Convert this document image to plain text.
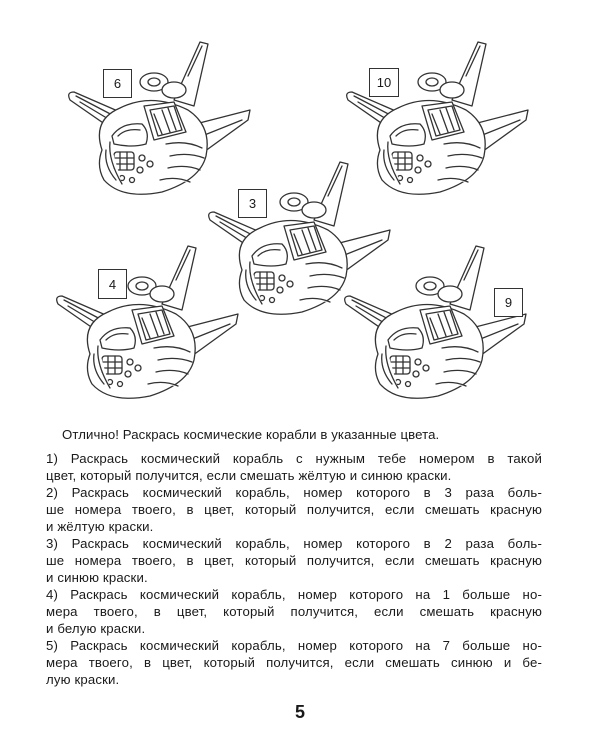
6	10
3
4
9
Отлично! Раскрась космические корабли в указанные цвета.
1) Раскрась космический корабль с нужным тебе номером в такой
цвет, который получится, если смешать жёлтую и синюю краски.
2) Раскрась космический корабль, номер которого в 3 раза боль-
ше номера твоего, в цвет, который получится, если смешать красную
и жёлтую краски.
3) Раскрась космический корабль, номер которого в 2 раза боль-
ше номера твоего, в цвет, который получится, если смешать красную
и синюю краски.
4) Раскрась космический корабль, номер которого на 1 больше но-
мера твоего, в цвет, который получится, если смешать красную
и белую краски.
5) Раскрась космический корабль, номер которого на 7 больше но-
мера твоего, в цвет, который получится, если смешать синюю и бе-
лую краски.
5
